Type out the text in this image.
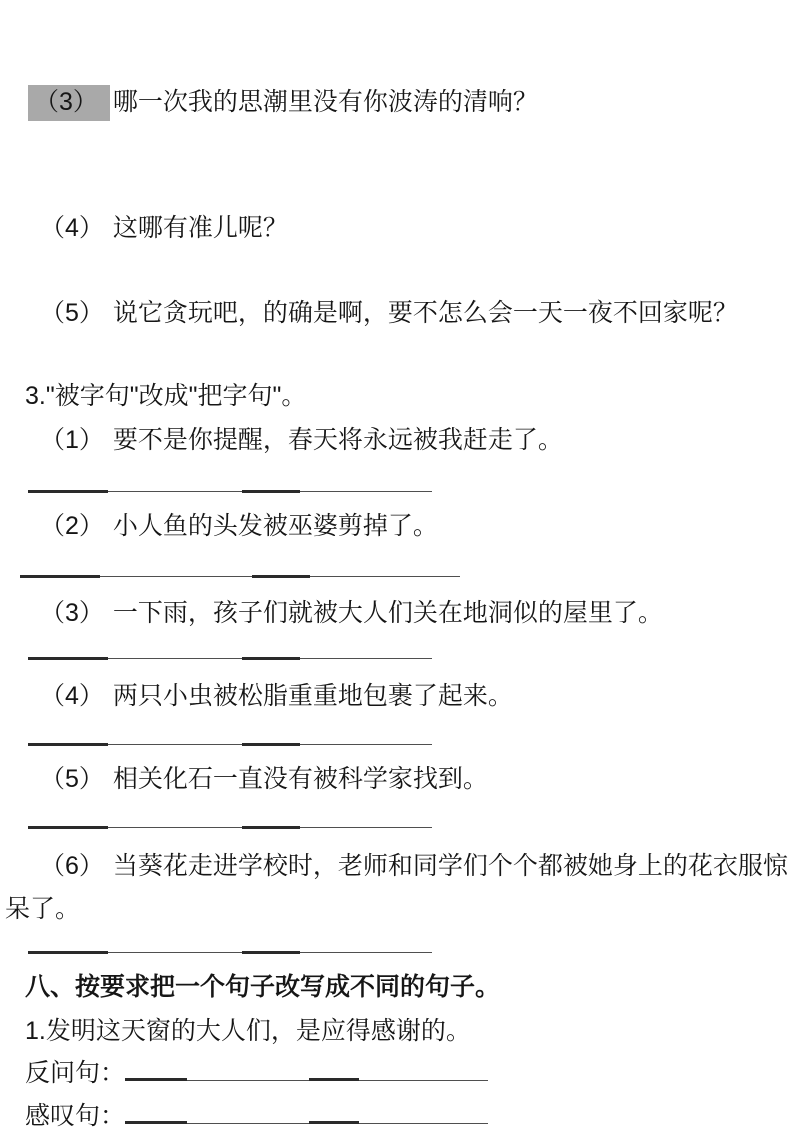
（3） 哪一次我的思潮里没有你波涛的清响？
（4） 这哪有准儿呢？
（5） 说它贪玩吧，的确是啊，要不怎么会一天一夜不回家呢？
3."被字句"改成"把字句"。
（1） 要不是你提醒，春天将永远被我赶走了。
（2） 小人鱼的头发被巫婆剪掉了。
（3） 一下雨，孩子们就被大人们关在地洞似的屋里了。
（4） 两只小虫被松脂重重地包裹了起来。
（5） 相关化石一直没有被科学家找到。
（6） 当葵花走进学校时，老师和同学们个个都被她身上的花衣服惊呆了。
八、按要求把一个句子改写成不同的句子。
1.发明这天窗的大人们，是应得感谢的。
反问句：
感叹句：
